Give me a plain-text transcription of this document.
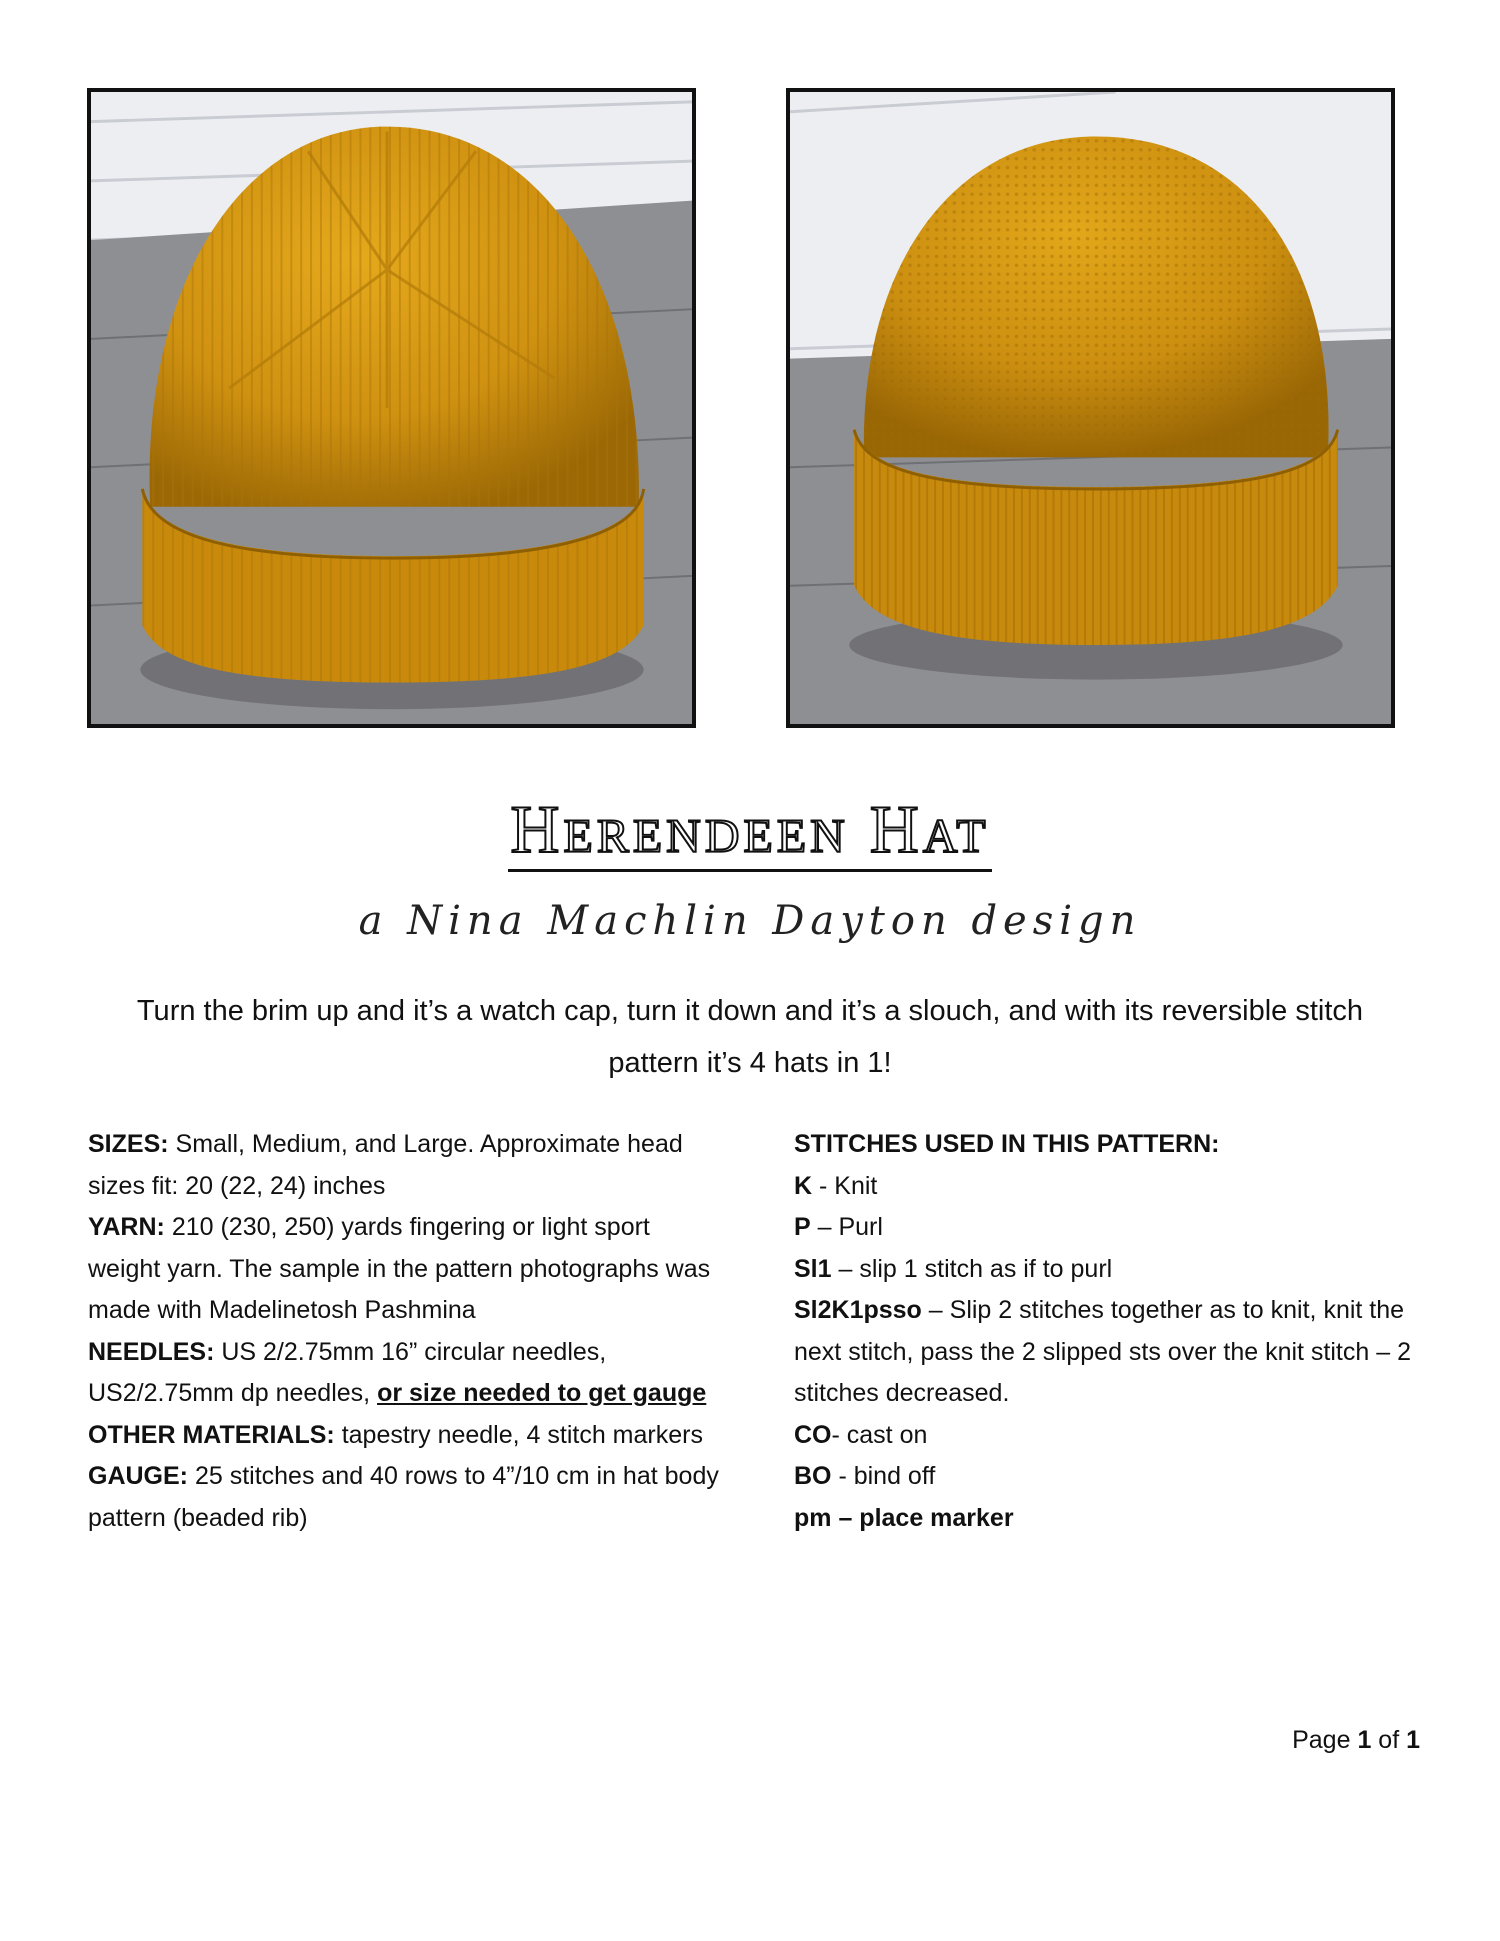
Herendeen Hat
a Nina Machlin Dayton design
Turn the brim up and it’s a watch cap, turn it down and it’s a slouch, and with its reversible stitch pattern it’s 4 hats in 1!

SIZES: Small, Medium, and Large. Approximate head sizes fit: 20 (22, 24) inches

YARN: 210 (230, 250) yards fingering or light sport weight yarn. The sample in the pattern photographs was made with Madelinetosh Pashmina

NEEDLES: US 2/2.75mm 16” circular needles, US2/2.75mm dp needles, or size needed to get gauge

OTHER MATERIALS: tapestry needle, 4 stitch markers

GAUGE: 25 stitches and 40 rows to 4”/10 cm in hat body pattern (beaded rib)

STITCHES USED IN THIS PATTERN:

K - Knit

P – Purl

Sl1 – slip 1 stitch as if to purl

Sl2K1psso – Slip 2 stitches together as to knit, knit the next stitch, pass the 2 slipped sts over the knit stitch – 2 stitches decreased.

CO- cast on

BO - bind off

pm – place marker

Page 1 of 1
